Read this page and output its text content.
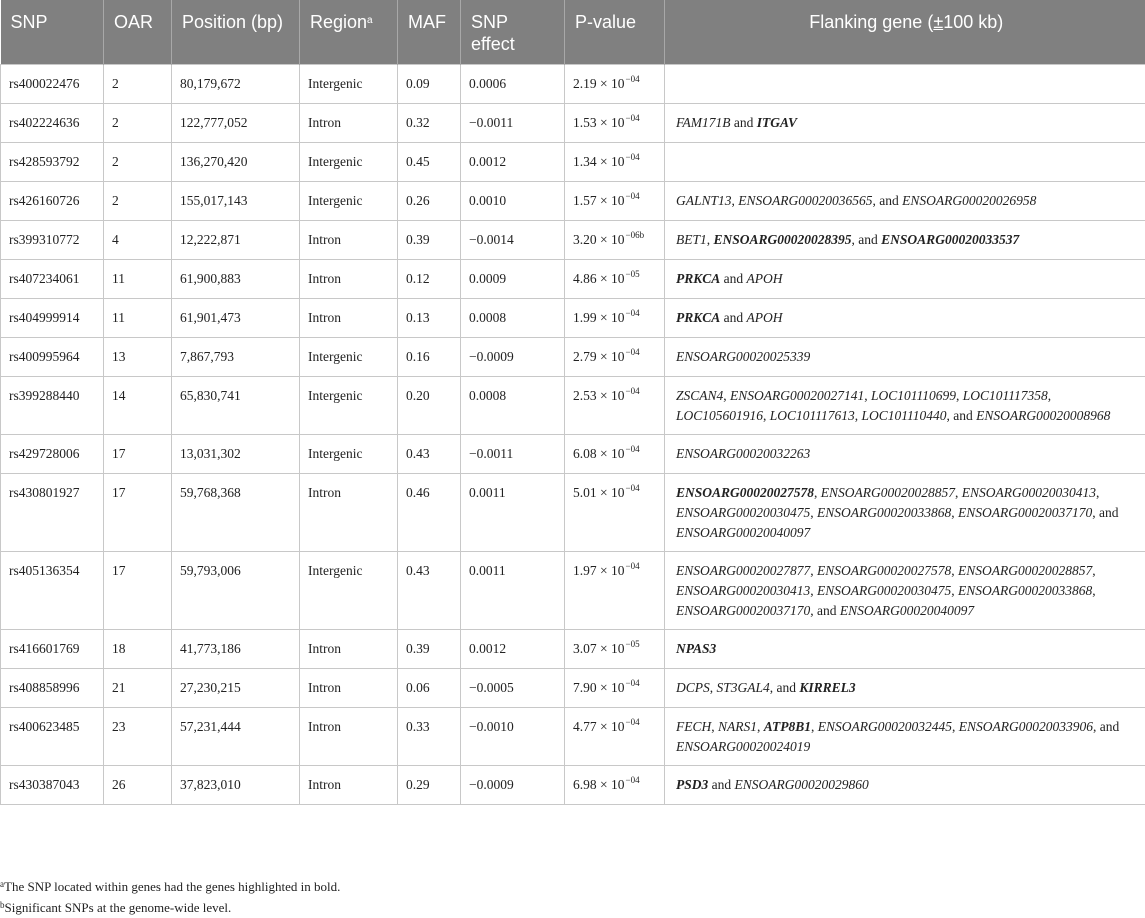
SNP	OAR	Position (bp)	Region$^a$	MAF	SNP effect	P-value	Flanking gene (±100 kb)
rs400022476	2	80,179,672	Intergenic	0.09	0.0006	$2.19 \times 10^{-04}$	
rs402224636	2	122,777,052	Intron	0.32	−0.0011	$1.53 \times 10^{-04}$	FAM171B and ITGAV
rs428593792	2	136,270,420	Intergenic	0.45	0.0012	$1.34 \times 10^{-04}$	
rs426160726	2	155,017,143	Intergenic	0.26	0.0010	$1.57 \times 10^{-04}$	GALNT13, ENSOARG00020036565, and ENSOARG00020026958
rs399310772	4	12,222,871	Intron	0.39	−0.0014	$3.20 \times 10^{-06b}$	BET1, ENSOARG00020028395, and ENSOARG00020033537
rs407234061	11	61,900,883	Intron	0.12	0.0009	$4.86 \times 10^{-05}$	PRKCA and APOH
rs404999914	11	61,901,473	Intron	0.13	0.0008	$1.99 \times 10^{-04}$	PRKCA and APOH
rs400995964	13	7,867,793	Intergenic	0.16	−0.0009	$2.79 \times 10^{-04}$	ENSOARG00020025339
rs399288440	14	65,830,741	Intergenic	0.20	0.0008	$2.53 \times 10^{-04}$	ZSCAN4, ENSOARG00020027141, LOC101110699, LOC101117358, LOC105601916, LOC101117613, LOC101110440, and ENSOARG00020008968
rs429728006	17	13,031,302	Intergenic	0.43	−0.0011	$6.08 \times 10^{-04}$	ENSOARG00020032263
rs430801927	17	59,768,368	Intron	0.46	0.0011	$5.01 \times 10^{-04}$	ENSOARG00020027578, ENSOARG00020028857, ENSOARG00020030413, ENSOARG00020030475, ENSOARG00020033868, ENSOARG00020037170, and ENSOARG00020040097
rs405136354	17	59,793,006	Intergenic	0.43	0.0011	$1.97 \times 10^{-04}$	ENSOARG00020027877, ENSOARG00020027578, ENSOARG00020028857, ENSOARG00020030413, ENSOARG00020030475, ENSOARG00020033868, ENSOARG00020037170, and ENSOARG00020040097
rs416601769	18	41,773,186	Intron	0.39	0.0012	$3.07 \times 10^{-05}$	NPAS3
rs408858996	21	27,230,215	Intron	0.06	−0.0005	$7.90 \times 10^{-04}$	DCPS, ST3GAL4, and KIRREL3
rs400623485	23	57,231,444	Intron	0.33	−0.0010	$4.77 \times 10^{-04}$	FECH, NARS1, ATP8B1, ENSOARG00020032445, ENSOARG00020033906, and ENSOARG00020024019
rs430387043	26	37,823,010	Intron	0.29	−0.0009	$6.98 \times 10^{-04}$	PSD3 and ENSOARG00020029860
$^a$The SNP located within genes had the genes highlighted in bold.
$^b$Significant SNPs at the genome-wide level.
